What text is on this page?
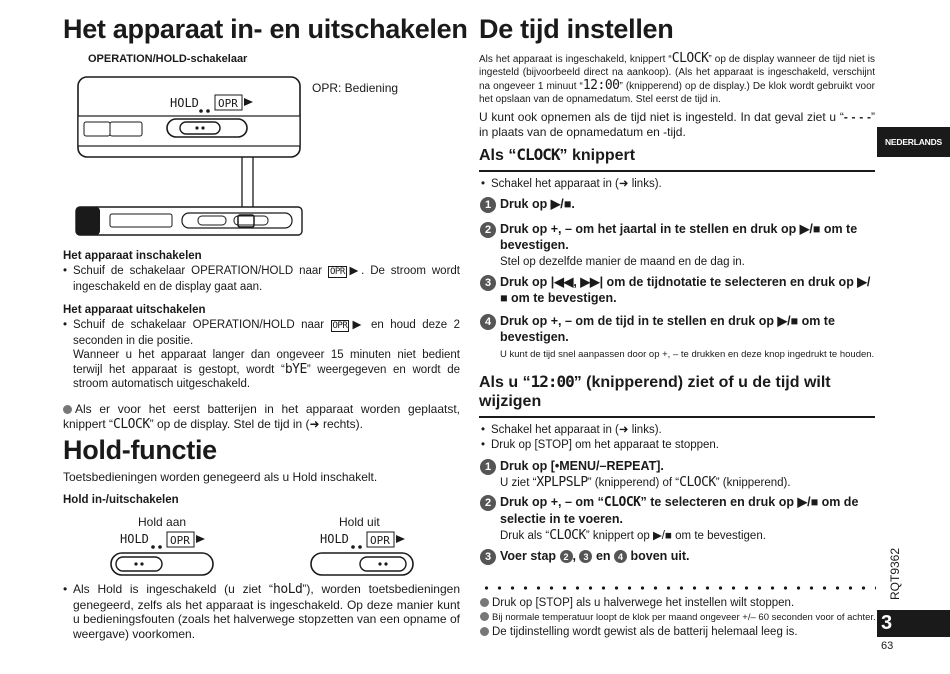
Het apparaat in- en uitschakelen
OPERATION/HOLD-schakelaar
OPR: Bediening
HOLD OPR
Het apparaat inschakelen
• Schuif de schakelaar OPERATION/HOLD naar OPR ▶. De stroom wordt ingeschakeld en de display gaat aan.
Het apparaat uitschakelen
• Schuif de schakelaar OPERATION/HOLD naar OPR ▶ en houd deze 2 seconden in die positie.
Wanneer u het apparaat langer dan ongeveer 15 minuten niet bedient terwijl het apparaat is gestopt, wordt “bYE” weergegeven en wordt de stroom automatisch uitgeschakeld.
Als er voor het eerst batterijen in het apparaat worden geplaatst, knippert “CLOCK” op de display. Stel de tijd in (➜ rechts).
Hold-functie
Toetsbedieningen worden genegeerd als u Hold inschakelt.
Hold in-/uitschakelen
Hold aan	Hold uit
HOLD OPR	HOLD OPR
• Als Hold is ingeschakeld (u ziet “hoLd”), worden toetsbedieningen genegeerd, zelfs als het apparaat is ingeschakeld. Op deze manier kunt u bedieningsfouten (zoals het halverwege stopzetten van een opname of weergave) voorkomen.
De tijd instellen
Als het apparaat is ingeschakeld, knippert “CLOCK” op de display wanneer de tijd niet is ingesteld (bijvoorbeeld direct na aankoop). (Als het apparaat is ingeschakeld, verschijnt na ongeveer 1 minuut “12:00” (knipperend) op de display.) De klok wordt gebruikt voor het opslaan van de opnamedatum. Stel eerst de tijd in.
U kunt ook opnemen als de tijd niet is ingesteld. In dat geval ziet u “- - - -” in plaats van de opnamedatum en -tijd.
Als “CLOCK” knippert
• Schakel het apparaat in (➜ links).
1 Druk op ▶/■.
2 Druk op +, – om het jaartal in te stellen en druk op ▶/■ om te bevestigen.
Stel op dezelfde manier de maand en de dag in.
3 Druk op |◀◀, ▶▶| om de tijdnotatie te selecteren en druk op ▶/■ om te bevestigen.
4 Druk op +, – om de tijd in te stellen en druk op ▶/■ om te bevestigen.
U kunt de tijd snel aanpassen door op +, – te drukken en deze knop ingedrukt te houden.
Als u “12:00” (knipperend) ziet of u de tijd wilt wijzigen
• Schakel het apparaat in (➜ links).
• Druk op [STOP] om het apparaat te stoppen.
1 Druk op [•MENU/–REPEAT].
U ziet “XPLPSLP” (knipperend) of “CLOCK” (knipperend).
2 Druk op +, – om “CLOCK” te selecteren en druk op ▶/■ om de selectie in te voeren.
Druk als “CLOCK” knippert op ▶/■ om te bevestigen.
3 Voer stap 2 , 3 en 4 boven uit.
Druk op [STOP] als u halverwege het instellen wilt stoppen.
Bij normale temperatuur loopt de klok per maand ongeveer +/– 60 seconden voor of achter.
De tijdinstelling wordt gewist als de batterij helemaal leeg is.
NEDERLANDS
RQT9362
3
63
